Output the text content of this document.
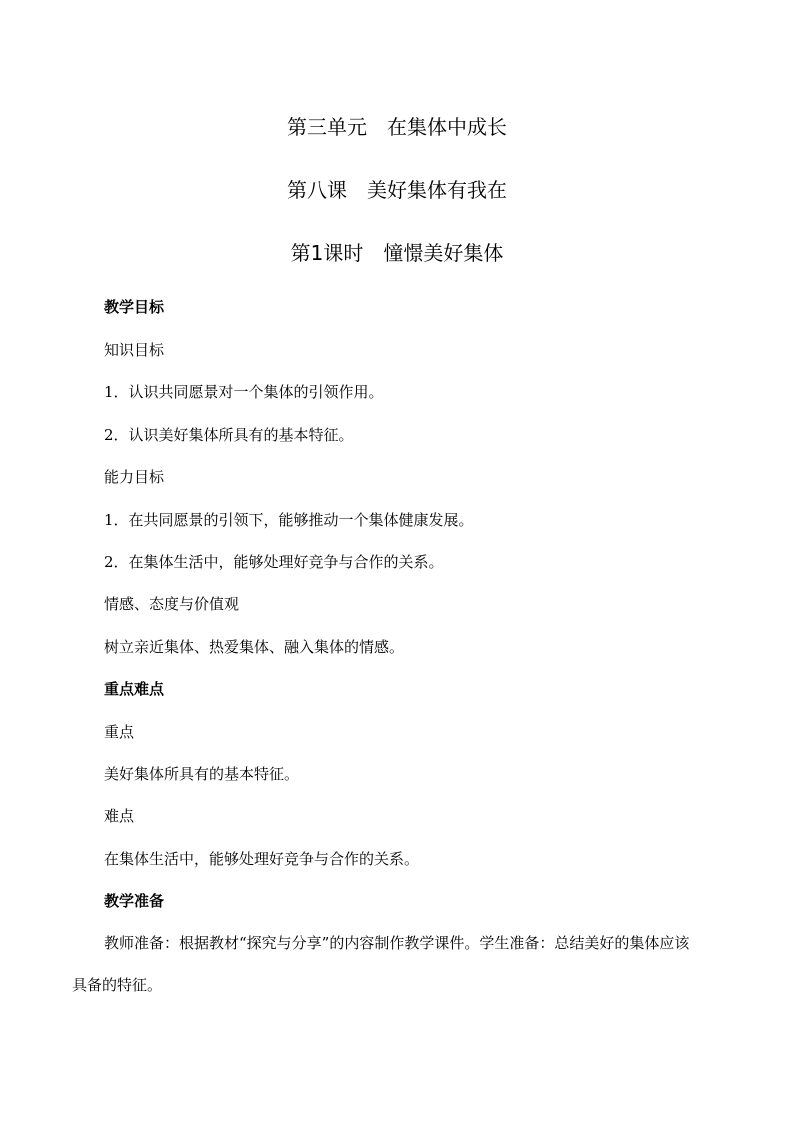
第三单元　在集体中成长
第八课　美好集体有我在
第1课时　憧憬美好集体

教学目标

知识目标

1．认识共同愿景对一个集体的引领作用。

2．认识美好集体所具有的基本特征。

能力目标

1．在共同愿景的引领下，能够推动一个集体健康发展。

2．在集体生活中，能够处理好竞争与合作的关系。

情感、态度与价值观

树立亲近集体、热爱集体、融入集体的情感。

重点难点

重点

美好集体所具有的基本特征。

难点

在集体生活中，能够处理好竞争与合作的关系。

教学准备

教师准备：根据教材“探究与分享”的内容制作教学课件。学生准备：总结美好的集体应该
具备的特征。
